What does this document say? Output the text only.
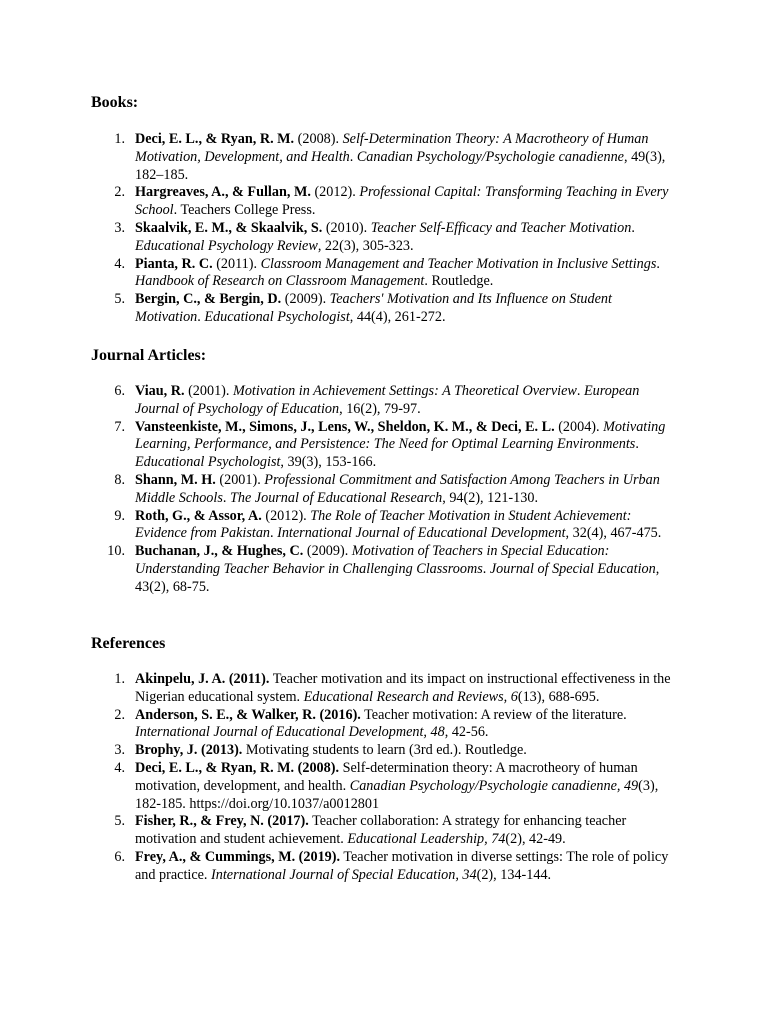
Books:
1. Deci, E. L., & Ryan, R. M. (2008). Self-Determination Theory: A Macrotheory of Human Motivation, Development, and Health. Canadian Psychology/Psychologie canadienne, 49(3), 182–185.
2. Hargreaves, A., & Fullan, M. (2012). Professional Capital: Transforming Teaching in Every School. Teachers College Press.
3. Skaalvik, E. M., & Skaalvik, S. (2010). Teacher Self-Efficacy and Teacher Motivation. Educational Psychology Review, 22(3), 305-323.
4. Pianta, R. C. (2011). Classroom Management and Teacher Motivation in Inclusive Settings. Handbook of Research on Classroom Management. Routledge.
5. Bergin, C., & Bergin, D. (2009). Teachers' Motivation and Its Influence on Student Motivation. Educational Psychologist, 44(4), 261-272.
Journal Articles:
6. Viau, R. (2001). Motivation in Achievement Settings: A Theoretical Overview. European Journal of Psychology of Education, 16(2), 79-97.
7. Vansteenkiste, M., Simons, J., Lens, W., Sheldon, K. M., & Deci, E. L. (2004). Motivating Learning, Performance, and Persistence: The Need for Optimal Learning Environments. Educational Psychologist, 39(3), 153-166.
8. Shann, M. H. (2001). Professional Commitment and Satisfaction Among Teachers in Urban Middle Schools. The Journal of Educational Research, 94(2), 121-130.
9. Roth, G., & Assor, A. (2012). The Role of Teacher Motivation in Student Achievement: Evidence from Pakistan. International Journal of Educational Development, 32(4), 467-475.
10. Buchanan, J., & Hughes, C. (2009). Motivation of Teachers in Special Education: Understanding Teacher Behavior in Challenging Classrooms. Journal of Special Education, 43(2), 68-75.
References
1. Akinpelu, J. A. (2011). Teacher motivation and its impact on instructional effectiveness in the Nigerian educational system. Educational Research and Reviews, 6(13), 688-695.
2. Anderson, S. E., & Walker, R. (2016). Teacher motivation: A review of the literature. International Journal of Educational Development, 48, 42-56.
3. Brophy, J. (2013). Motivating students to learn (3rd ed.). Routledge.
4. Deci, E. L., & Ryan, R. M. (2008). Self-determination theory: A macrotheory of human motivation, development, and health. Canadian Psychology/Psychologie canadienne, 49(3), 182-185. https://doi.org/10.1037/a0012801
5. Fisher, R., & Frey, N. (2017). Teacher collaboration: A strategy for enhancing teacher motivation and student achievement. Educational Leadership, 74(2), 42-49.
6. Frey, A., & Cummings, M. (2019). Teacher motivation in diverse settings: The role of policy and practice. International Journal of Special Education, 34(2), 134-144.
